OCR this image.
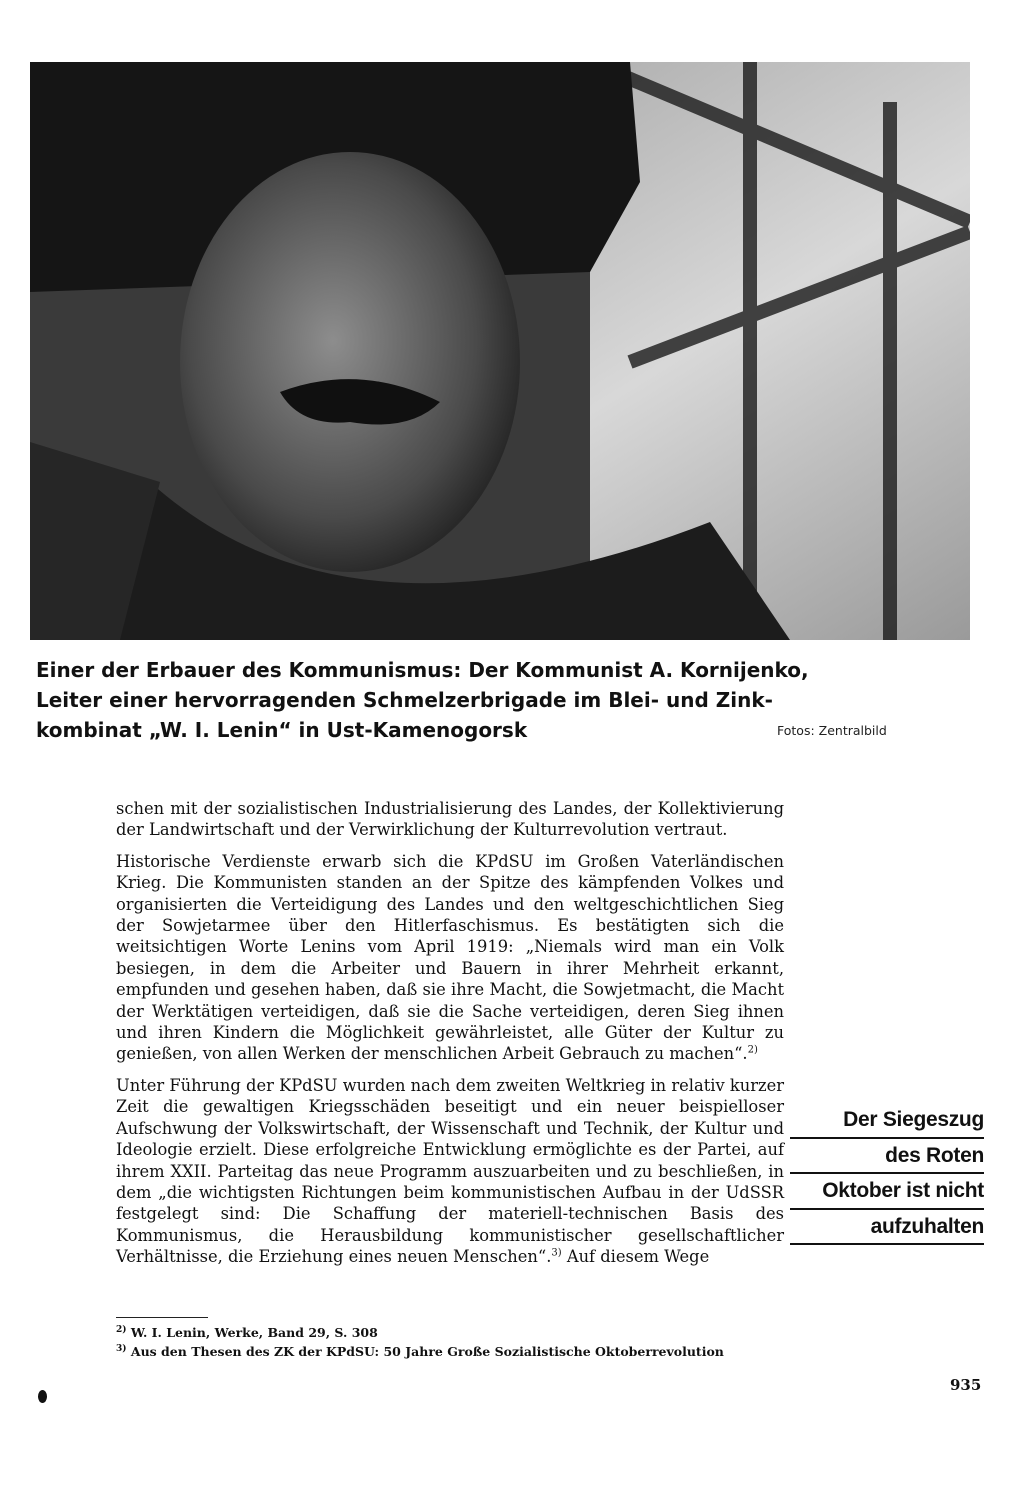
Einer der Erbauer des Kommunismus: Der Kommunist A. Kornijenko,
Leiter einer hervorragenden Schmelzerbrigade im Blei- und Zink-
kombinat „W. I. Lenin“ in Ust-Kamenogorsk	Fotos: Zentralbild

schen mit der sozialistischen Industrialisierung des Landes, der Kollektivierung der Landwirtschaft und der Verwirklichung der Kulturrevolution vertraut.

Historische Verdienste erwarb sich die KPdSU im Großen Vaterländischen Krieg. Die Kommunisten standen an der Spitze des kämpfenden Volkes und organisierten die Verteidigung des Landes und den weltgeschichtlichen Sieg der Sowjetarmee über den Hitlerfaschismus. Es bestätigten sich die weitsichtigen Worte Lenins vom April 1919: „Niemals wird man ein Volk besiegen, in dem die Arbeiter und Bauern in ihrer Mehrheit erkannt, empfunden und gesehen haben, daß sie ihre Macht, die Sowjetmacht, die Macht der Werktätigen verteidigen, daß sie die Sache verteidigen, deren Sieg ihnen und ihren Kindern die Möglichkeit gewährleistet, alle Güter der Kultur zu genießen, von allen Werken der menschlichen Arbeit Gebrauch zu machen“.$^{2)}$

Unter Führung der KPdSU wurden nach dem zweiten Weltkrieg in relativ kurzer Zeit die gewaltigen Kriegsschäden beseitigt und ein neuer beispielloser Aufschwung der Volkswirtschaft, der Wissenschaft und Technik, der Kultur und Ideologie erzielt. Diese erfolgreiche Entwicklung ermöglichte es der Partei, auf ihrem XXII. Parteitag das neue Programm auszuarbeiten und zu beschließen, in dem „die wichtigsten Richtungen beim kommunistischen Aufbau in der UdSSR festgelegt sind: Die Schaffung der materiell-technischen Basis des Kommunismus, die Herausbildung kommunistischer gesellschaftlicher Verhältnisse, die Erziehung eines neuen Menschen“.$^{3)}$ Auf diesem Wege

Der Siegeszug
des Roten
Oktober ist nicht
aufzuhalten
$^{2)}$ W. I. Lenin, Werke, Band 29, S. 308
$^{3)}$ Aus den Thesen des ZK der KPdSU: 50 Jahre Große Sozialistische Oktoberrevolution
935
